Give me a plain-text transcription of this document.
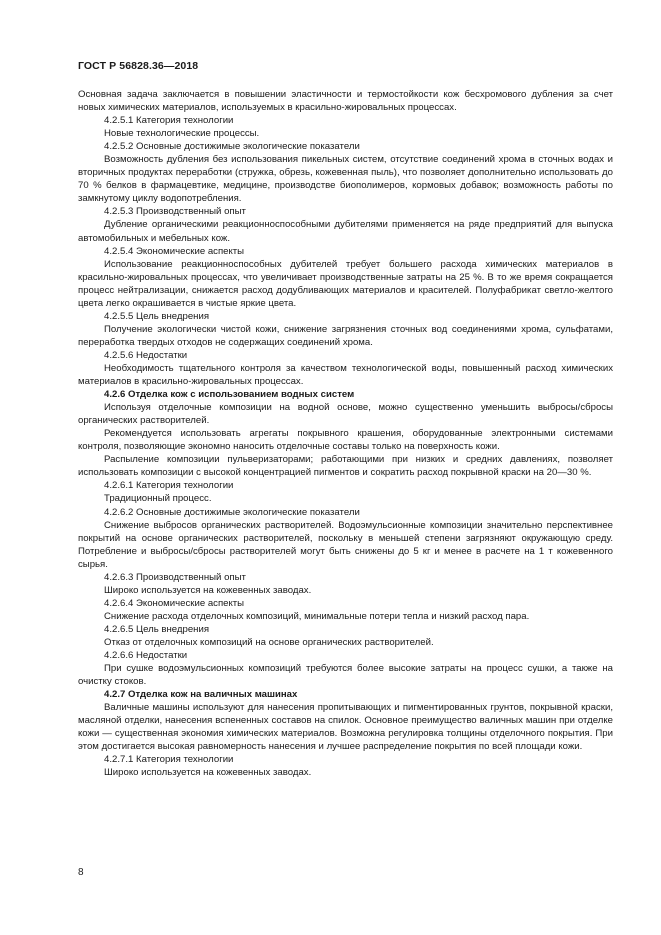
ГОСТ Р 56828.36—2018

Основная задача заключается в повышении эластичности и термостойкости кож бесхромового дубления за счет новых химических материалов, используемых в красильно-жировальных процессах.

4.2.5.1 Категория технологии

Новые технологические процессы.

4.2.5.2 Основные достижимые экологические показатели

Возможность дубления без использования пикельных систем, отсутствие соединений хрома в сточных водах и вторичных продуктах переработки (стружка, обрезь, кожевенная пыль), что позволяет дополнительно использовать до 70 % белков в фармацевтике, медицине, производстве биополимеров, кормовых добавок; возможность работы по замкнутому циклу водопотребления.

4.2.5.3 Производственный опыт

Дубление органическими реакционноспособными дубителями применяется на ряде предприятий для выпуска автомобильных и мебельных кож.

4.2.5.4 Экономические аспекты

Использование реакционноспособных дубителей требует большего расхода химических материалов в красильно-жировальных процессах, что увеличивает производственные затраты на 25 %. В то же время сокращается процесс нейтрализации, снижается расход додубливающих материалов и красителей. Полуфабрикат светло-желтого цвета легко окрашивается в чистые яркие цвета.

4.2.5.5 Цель внедрения

Получение экологически чистой кожи, снижение загрязнения сточных вод соединениями хрома, сульфатами, переработка твердых отходов не содержащих соединений хрома.

4.2.5.6 Недостатки

Необходимость тщательного контроля за качеством технологической воды, повышенный расход химических материалов в красильно-жировальных процессах.

4.2.6 Отделка кож с использованием водных систем

Используя отделочные композиции на водной основе, можно существенно уменьшить выбросы/сбросы органических растворителей.

Рекомендуется использовать агрегаты покрывного крашения, оборудованные электронными системами контроля, позволяющие экономно наносить отделочные составы только на поверхность кожи.

Распыление композиции пульверизаторами; работающими при низких и средних давлениях, позволяет использовать композиции с высокой концентрацией пигментов и сократить расход покрывной краски на 20—30 %.

4.2.6.1 Категория технологии

Традиционный процесс.

4.2.6.2 Основные достижимые экологические показатели

Снижение выбросов органических растворителей. Водоэмульсионные композиции значительно перспективнее покрытий на основе органических растворителей, поскольку в меньшей степени загрязняют окружающую среду. Потребление и выбросы/сбросы растворителей могут быть снижены до 5 кг и менее в расчете на 1 т кожевенного сырья.

4.2.6.3 Производственный опыт

Широко используется на кожевенных заводах.

4.2.6.4 Экономические аспекты

Снижение расхода отделочных композиций, минимальные потери тепла и низкий расход пара.

4.2.6.5 Цель внедрения

Отказ от отделочных композиций на основе органических растворителей.

4.2.6.6 Недостатки

При сушке водоэмульсионных композиций требуются более высокие затраты на процесс сушки, а также на очистку стоков.

4.2.7 Отделка кож на валичных машинах

Валичные машины используют для нанесения пропитывающих и пигментированных грунтов, покрывной краски, масляной отделки, нанесения вспененных составов на спилок. Основное преимущество валичных машин при отделке кожи — существенная экономия химических материалов. Возможна регулировка толщины отделочного покрытия. При этом достигается высокая равномерность нанесения и лучшее распределение покрытия по всей площади кожи.

4.2.7.1 Категория технологии

Широко используется на кожевенных заводах.

8
